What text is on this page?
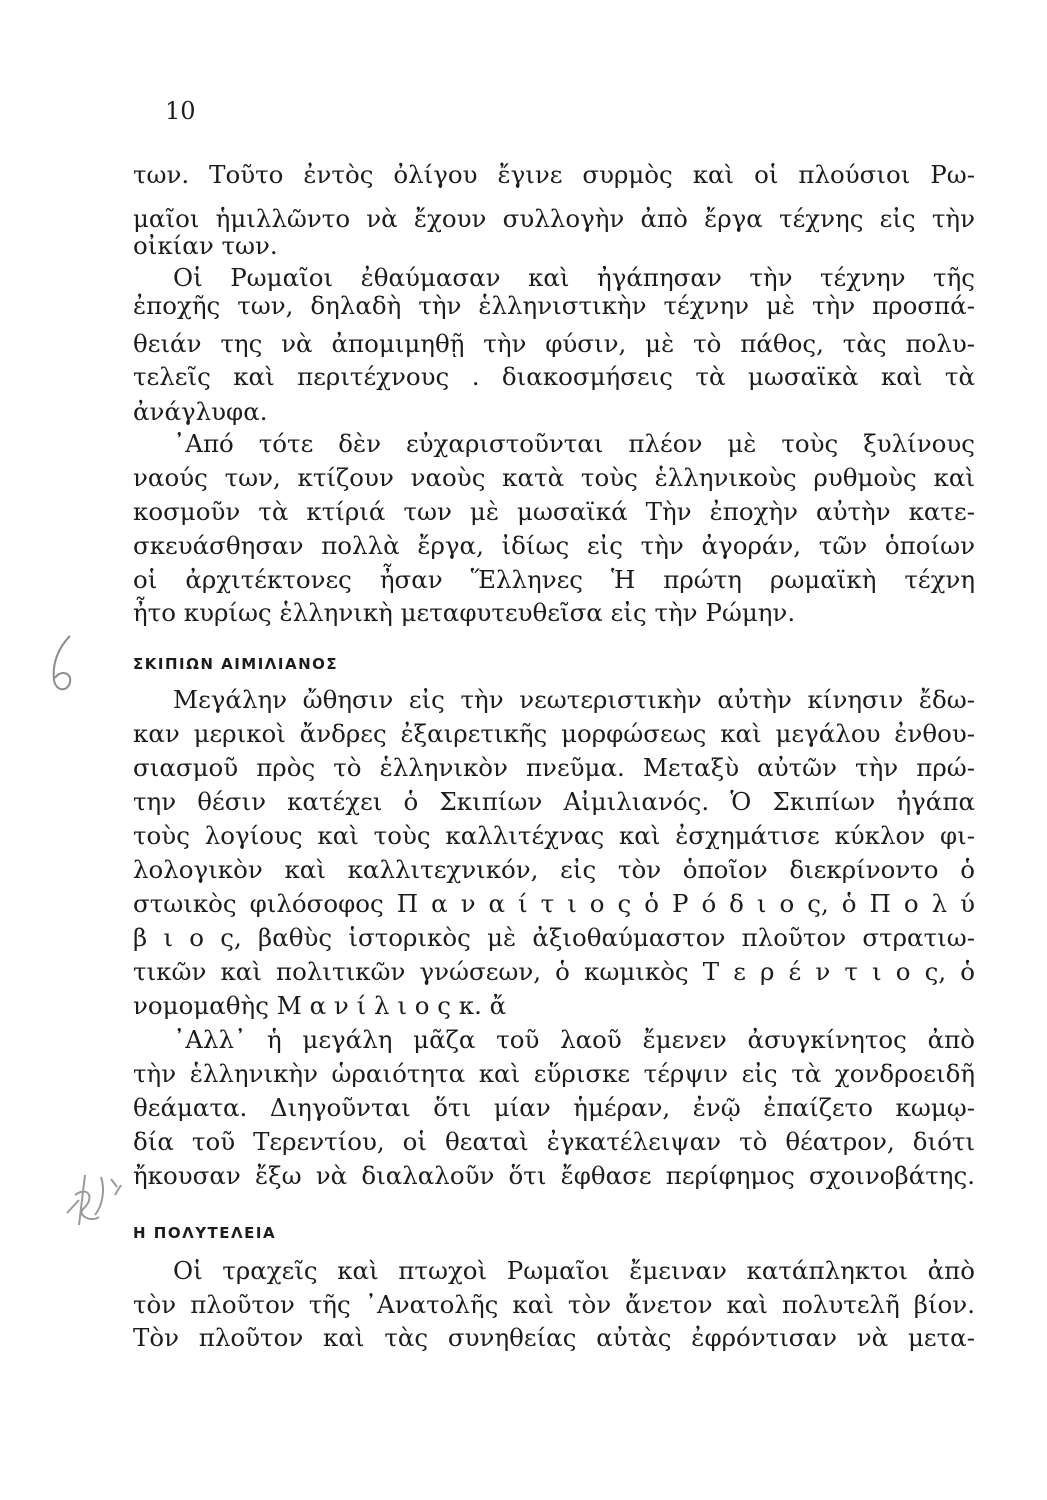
10
των. Τοῦτο ἐντὸς ὀλίγου ἔγινε συρμὸς καὶ οἱ πλούσιοι Ρω-
μαῖοι ἡμιλλῶντο νὰ ἔχουν συλλογὴν ἀπὸ ἔργα τέχνης εἰς τὴν
οἰκίαν των.
Οἱ Ρωμαῖοι ἐθαύμασαν καὶ ἠγάπησαν τὴν τέχνην τῆς
ἐποχῆς των, δηλαδὴ τὴν ἑλληνιστικὴν τέχνην μὲ τὴν προσπά-
θειάν της νὰ ἀπομιμηθῇ τὴν φύσιν, μὲ τὸ πάθος, τὰς πολυ-
τελεῖς καὶ περιτέχνους . διακοσμήσεις τὰ μωσαϊκὰ καὶ τὰ
ἀνάγλυφα.
᾿Από τότε δὲν εὐχαριστοῦνται πλέον μὲ τοὺς ξυλίνους
ναούς των, κτίζουν ναοὺς κατὰ τοὺς ἑλληνικοὺς ρυθμοὺς καὶ
κοσμοῦν τὰ κτίριά των μὲ μωσαϊκά Τὴν ἐποχὴν αὐτὴν κατε-
σκευάσθησαν πολλὰ ἔργα, ἰδίως εἰς τὴν ἀγοράν, τῶν ὁποίων
οἱ ἀρχιτέκτονες ἦσαν Ἕλληνες Ἡ πρώτη ρωμαϊκὴ τέχνη
ἦτο κυρίως ἑλληνικὴ μεταφυτευθεῖσα εἰς τὴν Ρώμην.
ΣΚΙΠΙΩΝ ΑΙΜΙΛΙΑΝΟΣ
Μεγάλην ὤθησιν εἰς τὴν νεωτεριστικὴν αὐτὴν κίνησιν ἔδω-
καν μερικοὶ ἄνδρες ἐξαιρετικῆς μορφώσεως καὶ μεγάλου ἐνθου-
σιασμοῦ πρὸς τὸ ἑλληνικὸν πνεῦμα. Μεταξὺ αὐτῶν τὴν πρώ-
την θέσιν κατέχει ὁ Σκιπίων Αἰμιλιανός. Ὁ Σκιπίων ἠγάπα
τοὺς λογίους καὶ τοὺς καλλιτέχνας καὶ ἐσχημάτισε κύκλον φι-
λολογικὸν καὶ καλλιτεχνικόν, εἰς τὸν ὁποῖον διεκρίνοντο ὁ
στωικὸς φιλόσοφος Π α ν α ί τ ι ο ς ὁ Ρ ό δ ι ο ς, ὁ Π ο λ ύ
β ι ο ς, βαθὺς ἱστορικὸς μὲ ἀξιοθαύμαστον πλοῦτον στρατιω-
τικῶν καὶ πολιτικῶν γνώσεων, ὁ κωμικὸς Τ ε ρ έ ν τ ι ο ς, ὁ
νομομαθὴς Μ α ν ί λ ι ο ς κ. ἄ
᾿Αλλ᾿ ἡ μεγάλη μᾶζα τοῦ λαοῦ ἔμενεν ἀσυγκίνητος ἀπὸ
τὴν ἑλληνικὴν ὡραιότητα καὶ εὕρισκε τέρψιν εἰς τὰ χονδροειδῆ
θεάματα. Διηγοῦνται ὅτι μίαν ἡμέραν, ἐνῷ ἐπαίζετο κωμῳ-
δία τοῦ Τερεντίου, οἱ θεαταὶ ἐγκατέλειψαν τὸ θέατρον, διότι
ἤκουσαν ἔξω νὰ διαλαλοῦν ὅτι ἔφθασε περίφημος σχοινοβάτης.
Η ΠΟΛΥΤΕΛΕΙΑ
Οἱ τραχεῖς καὶ πτωχοὶ Ρωμαῖοι ἔμειναν κατάπληκτοι ἀπὸ
τὸν πλοῦτον τῆς ᾿Ανατολῆς καὶ τὸν ἄνετον καὶ πολυτελῆ βίον.
Τὸν πλοῦτον καὶ τὰς συνηθείας αὐτὰς ἐφρόντισαν νὰ μετα-
